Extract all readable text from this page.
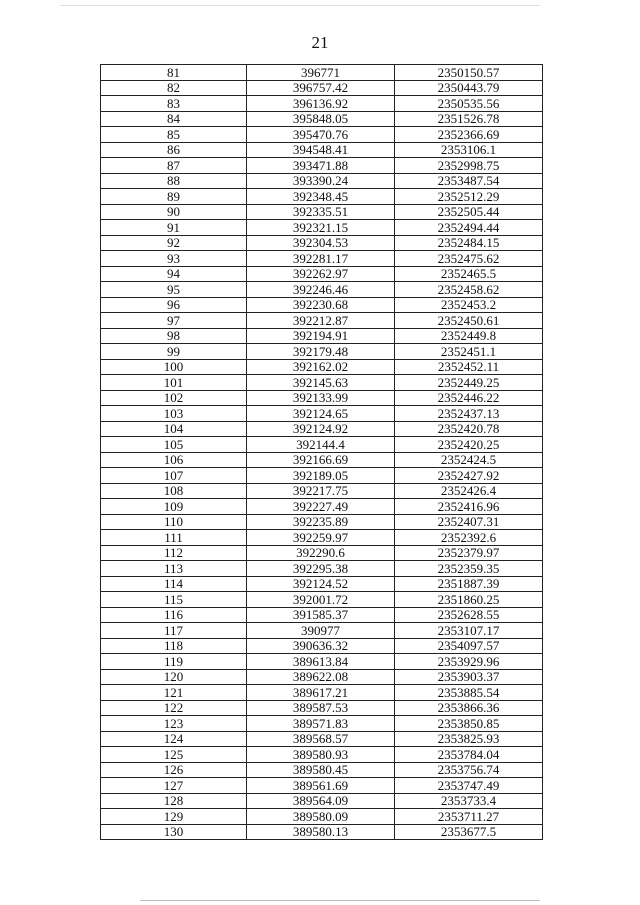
21
81	396771	2350150.57
82	396757.42	2350443.79
83	396136.92	2350535.56
84	395848.05	2351526.78
85	395470.76	2352366.69
86	394548.41	2353106.1
87	393471.88	2352998.75
88	393390.24	2353487.54
89	392348.45	2352512.29
90	392335.51	2352505.44
91	392321.15	2352494.44
92	392304.53	2352484.15
93	392281.17	2352475.62
94	392262.97	2352465.5
95	392246.46	2352458.62
96	392230.68	2352453.2
97	392212.87	2352450.61
98	392194.91	2352449.8
99	392179.48	2352451.1
100	392162.02	2352452.11
101	392145.63	2352449.25
102	392133.99	2352446.22
103	392124.65	2352437.13
104	392124.92	2352420.78
105	392144.4	2352420.25
106	392166.69	2352424.5
107	392189.05	2352427.92
108	392217.75	2352426.4
109	392227.49	2352416.96
110	392235.89	2352407.31
111	392259.97	2352392.6
112	392290.6	2352379.97
113	392295.38	2352359.35
114	392124.52	2351887.39
115	392001.72	2351860.25
116	391585.37	2352628.55
117	390977	2353107.17
118	390636.32	2354097.57
119	389613.84	2353929.96
120	389622.08	2353903.37
121	389617.21	2353885.54
122	389587.53	2353866.36
123	389571.83	2353850.85
124	389568.57	2353825.93
125	389580.93	2353784.04
126	389580.45	2353756.74
127	389561.69	2353747.49
128	389564.09	2353733.4
129	389580.09	2353711.27
130	389580.13	2353677.5
